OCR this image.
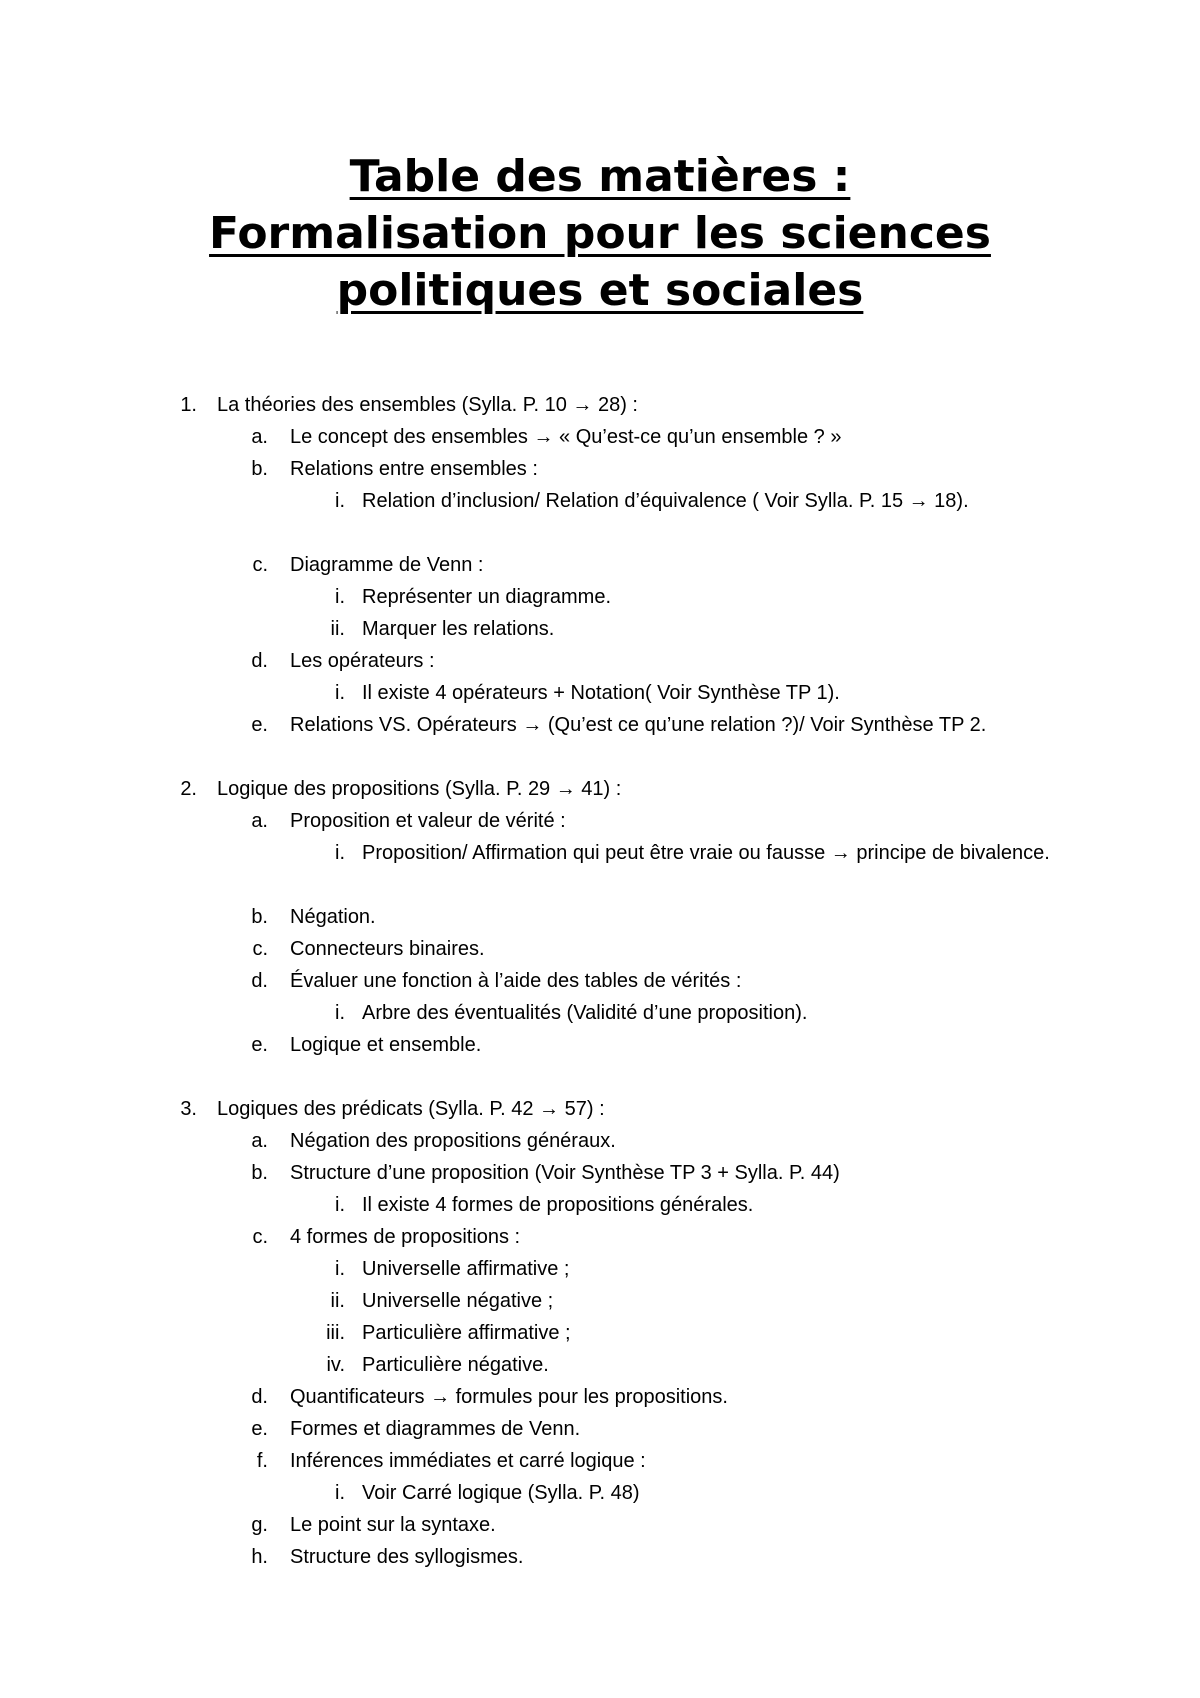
Table des matières :
Formalisation pour les sciences
politiques et sociales
1. La théories des ensembles (Sylla. P. 10 → 28) :
a. Le concept des ensembles → « Qu’est-ce qu’un ensemble ? »
b. Relations entre ensembles :
i. Relation d’inclusion/ Relation d’équivalence ( Voir Sylla. P. 15 → 18).
c. Diagramme de Venn :
i. Représenter un diagramme.
ii. Marquer les relations.
d. Les opérateurs :
i. Il existe 4 opérateurs + Notation( Voir Synthèse TP 1).
e. Relations VS. Opérateurs → (Qu’est ce qu’une relation ?)/ Voir Synthèse TP 2.
2. Logique des propositions (Sylla. P. 29 → 41) :
a. Proposition et valeur de vérité :
i. Proposition/ Affirmation qui peut être vraie ou fausse → principe de bivalence.
b. Négation.
c. Connecteurs binaires.
d. Évaluer une fonction à l’aide des tables de vérités :
i. Arbre des éventualités (Validité d’une proposition).
e. Logique et ensemble.
3. Logiques des prédicats (Sylla. P. 42 → 57) :
a. Négation des propositions généraux.
b. Structure d’une proposition (Voir Synthèse TP 3 + Sylla. P. 44)
i. Il existe 4 formes de propositions générales.
c. 4 formes de propositions :
i. Universelle affirmative ;
ii. Universelle négative ;
iii. Particulière affirmative ;
iv. Particulière négative.
d. Quantificateurs → formules pour les propositions.
e. Formes et diagrammes de Venn.
f. Inférences immédiates et carré logique :
i. Voir Carré logique (Sylla. P. 48)
g. Le point sur la syntaxe.
h. Structure des syllogismes.
